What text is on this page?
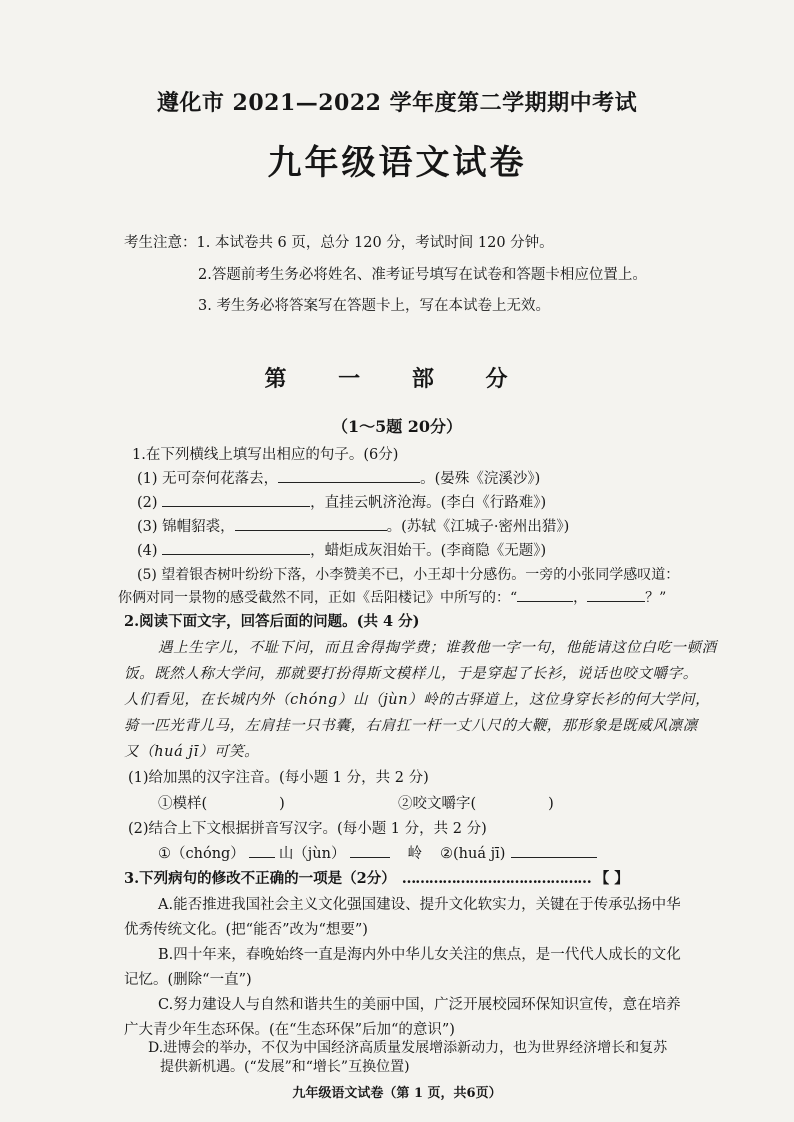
遵化市 2021—2022 学年度第二学期期中考试
九年级语文试卷
考生注意：1. 本试卷共 6 页，总分 120 分，考试时间 120 分钟。
2.答题前考生务必将姓名、准考证号填写在试卷和答题卡相应位置上。
3. 考生务必将答案写在答题卡上，写在本试卷上无效。
第 一 部 分
（1～5题 20分）
1.在下列横线上填写出相应的句子。(6分)
(1) 无可奈何花落去，	。(晏殊《浣溪沙》)
(2)	，直挂云帆济沧海。(李白《行路难》)
(3) 锦帽貂裘，	。(苏轼《江城子·密州出猎》)
(4)	，蜡炬成灰泪始干。(李商隐《无题》)
(5) 望着银杏树叶纷纷下落，小李赞美不已，小王却十分感伤。一旁的小张同学感叹道：
你俩对同一景物的感受截然不同，正如《岳阳楼记》中所写的：“	，	？”
2.阅读下面文字，回答后面的问题。(共 4 分)
遇上生字儿，不耻下问，而且舍得掏学费；谁教他一字一句，他能请这位白吃一顿酒
饭。既然人称大学问，那就要打扮得斯文模样儿，于是穿起了长衫，说话也咬文嚼字。
人们看见，在长城内外（chóng）山（jùn）岭的古驿道上，这位身穿长衫的何大学问，
骑一匹光背儿马，左肩挂一只书囊，右肩扛一杆一丈八尺的大鞭，那形象是既威风凛凛
又（huá jī）可笑。
(1)给加黑的汉字注音。(每小题 1 分，共 2 分)
①模样(	)	②咬文嚼字(	)
(2)结合上下文根据拼音写汉字。(每小题 1 分，共 2 分)
①（chóng） 山（jùn）	岭 ②(huá jī)
3.下列病句的修改不正确的一项是（2分） …………………………………… 【 】
A.能否推进我国社会主义文化强国建设、提升文化软实力，关键在于传承弘扬中华
优秀传统文化。(把“能否”改为“想要”)
B.四十年来，春晚始终一直是海内外中华儿女关注的焦点，是一代代人成长的文化
记忆。(删除“一直”)
C.努力建设人与自然和谐共生的美丽中国，广泛开展校园环保知识宣传，意在培养
广大青少年生态环保。(在“生态环保”后加“的意识”)
D.进博会的举办，不仅为中国经济高质量发展增添新动力，也为世界经济增长和复苏
九年级语文试卷（第 1 页，共6页）
提供新机遇。(“发展”和“增长”互换位置)
